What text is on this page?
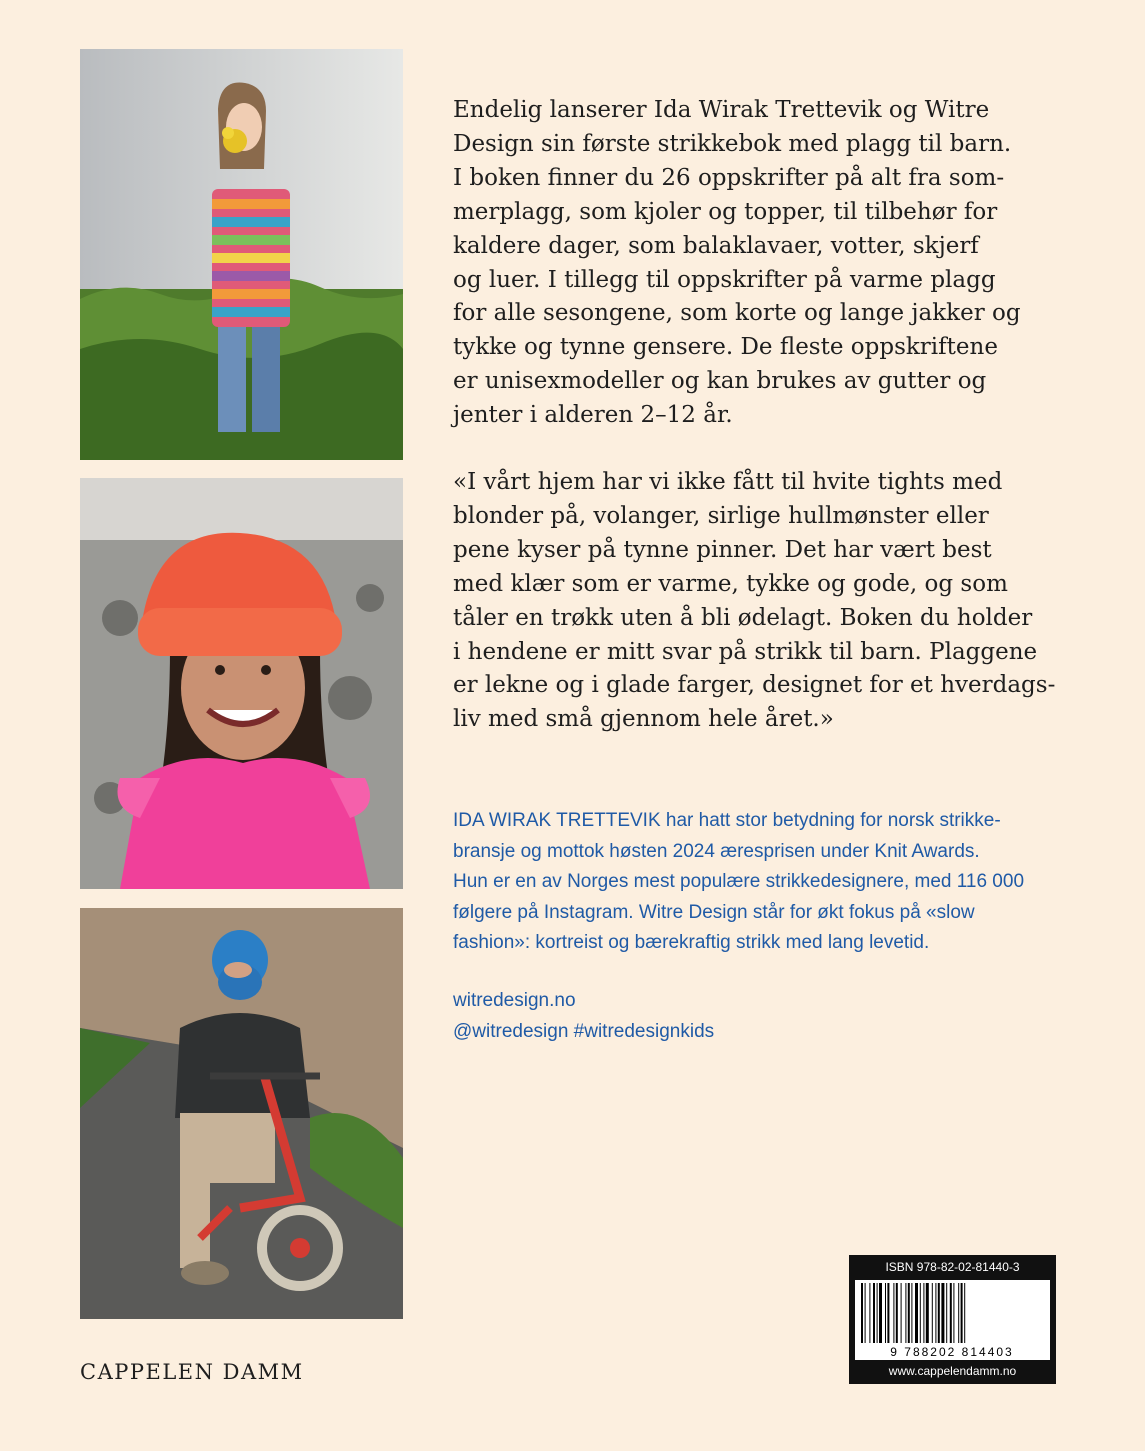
Endelig lanserer Ida Wirak Trettevik og Witre
Design sin første strikkebok med plagg til barn.
I boken finner du 26 oppskrifter på alt fra som-
merplagg, som kjoler og topper, til tilbehør for
kaldere dager, som balaklavaer, votter, skjerf
og luer. I tillegg til oppskrifter på varme plagg
for alle sesongene, som korte og lange jakker og
tykke og tynne gensere. De fleste oppskriftene
er unisexmodeller og kan brukes av gutter og
jenter i alderen 2–12 år.
«I vårt hjem har vi ikke fått til hvite tights med
blonder på, volanger, sirlige hullmønster eller
pene kyser på tynne pinner. Det har vært best
med klær som er varme, tykke og gode, og som
tåler en trøkk uten å bli ødelagt. Boken du holder
i hendene er mitt svar på strikk til barn. Plaggene
er lekne og i glade farger, designet for et hverdags-
liv med små gjennom hele året.»
IDA WIRAK TRETTEVIK har hatt stor betydning for norsk strikke-
bransje og mottok høsten 2024 æresprisen under Knit Awards.
Hun er en av Norges mest populære strikkedesignere, med 116 000
følgere på Instagram. Witre Design står for økt fokus på «slow
fashion»: kortreist og bærekraftig strikk med lang levetid.
witredesign.no
@witredesign #witredesignkids
CAPPELEN DAMM
ISBN 978-82-02-81440-3
9 788202 814403
www.cappelendamm.no
